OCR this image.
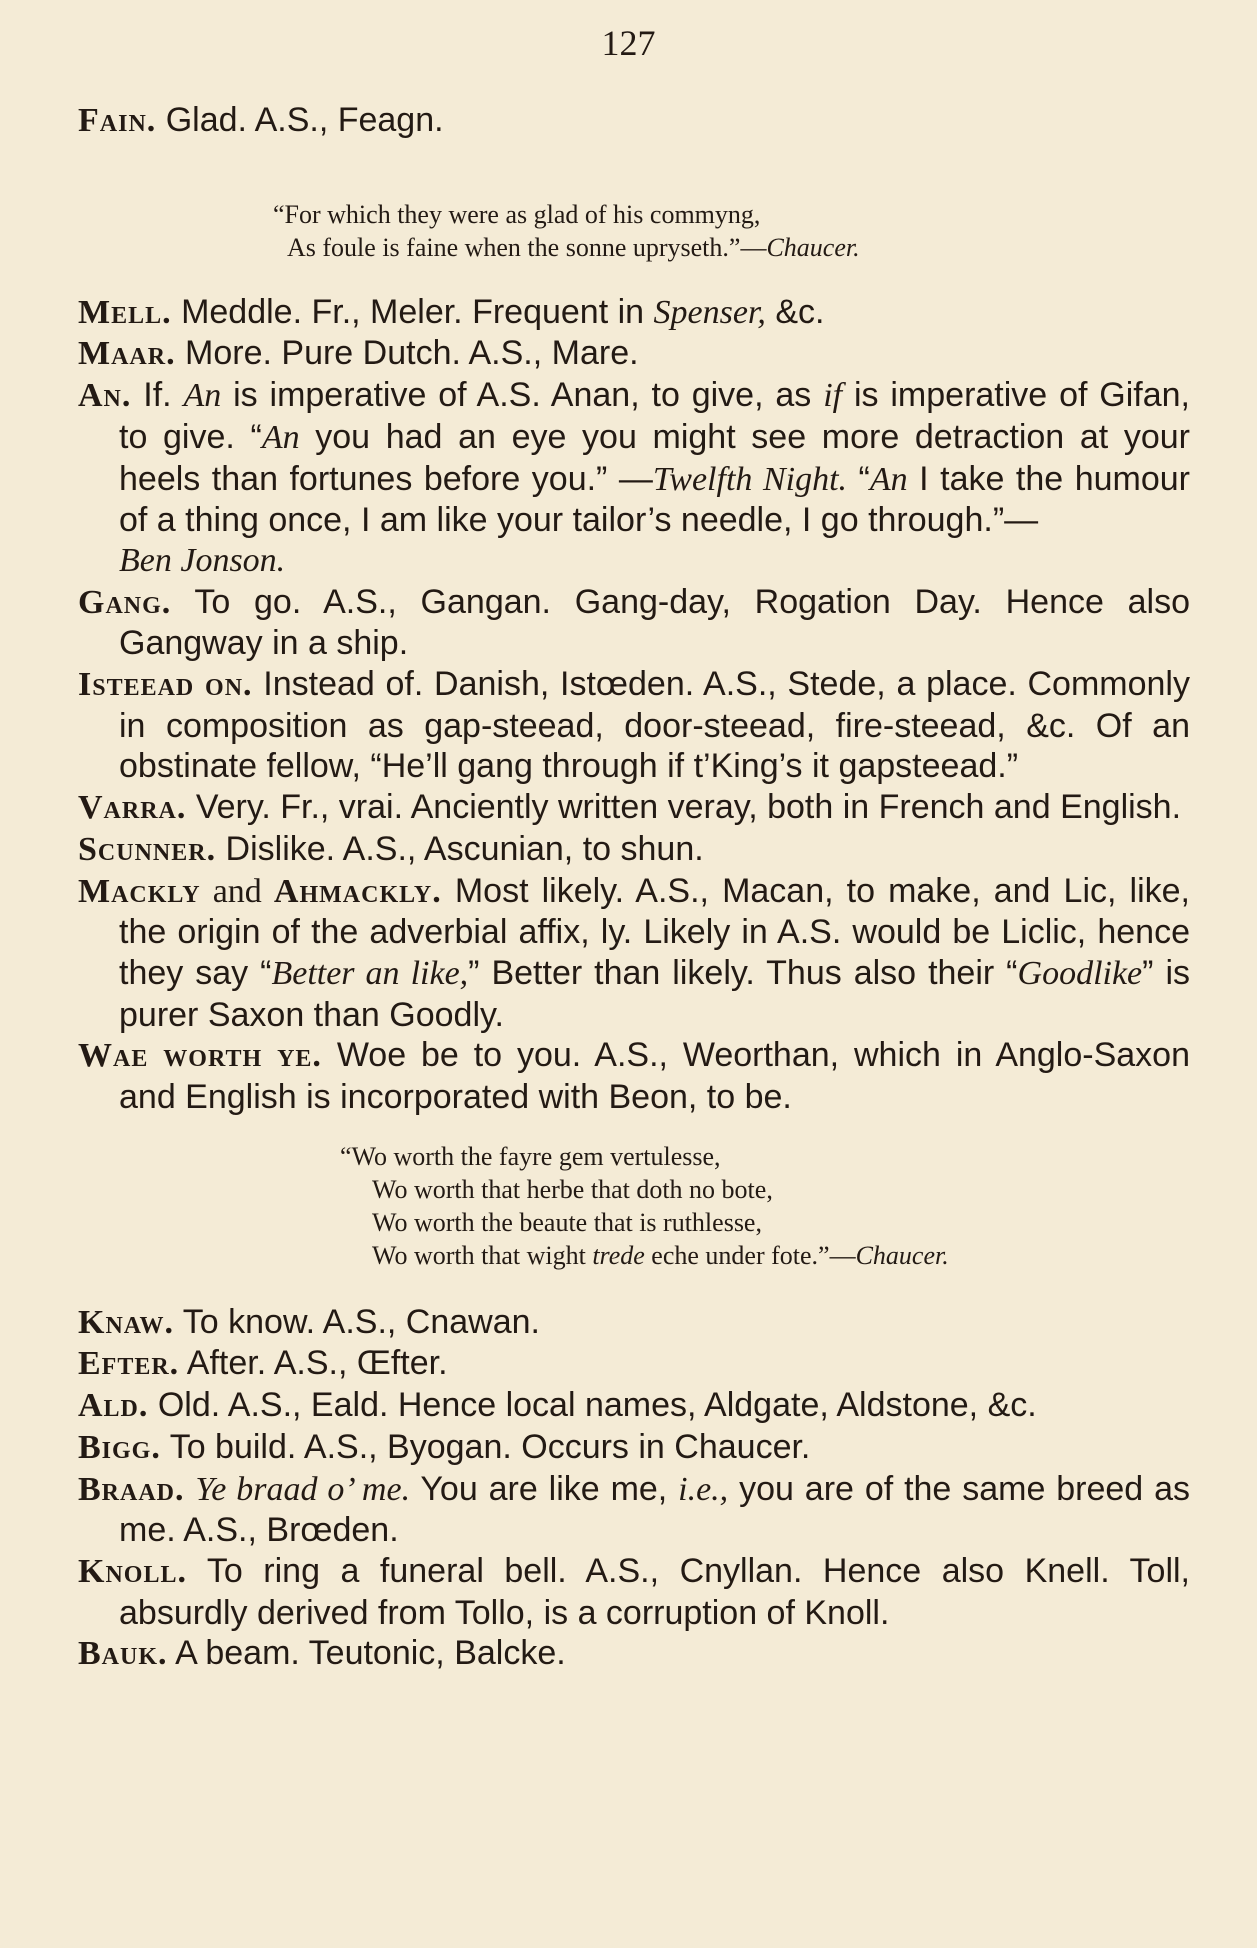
127
Fain. Glad. A.S., Feagn.
“For which they were as glad of his commyng,
As foule is faine when the sonne upryseth.”—Chaucer.
Mell. Meddle. Fr., Meler. Frequent in Spenser, &c.
Maar. More. Pure Dutch. A.S., Mare.
An. If. An is imperative of A.S. Anan, to give, as if is imperative of Gifan, to give. “An you had an eye you might see more detraction at your heels than fortunes before you.” —Twelfth Night. “An I take the humour of a thing once, I am like your tailor’s needle, I go through.”—
Ben Jonson.
Gang. To go. A.S., Gangan. Gang-day, Rogation Day. Hence also Gangway in a ship.
Isteead on. Instead of. Danish, Istœden. A.S., Stede, a place. Commonly in composition as gap-steead, door-steead, fire-steead, &c. Of an obstinate fellow, “He’ll gang through if t’King’s it gapsteead.”
Varra. Very. Fr., vrai. Anciently written veray, both in French and English.
Scunner. Dislike. A.S., Ascunian, to shun.
Mackly and Ahmackly. Most likely. A.S., Macan, to make, and Lic, like, the origin of the adverbial affix, ly. Likely in A.S. would be Liclic, hence they say “Better an like,” Better than likely. Thus also their “Goodlike” is purer Saxon than Goodly.
Wae worth ye. Woe be to you. A.S., Weorthan, which in Anglo-Saxon and English is incorporated with Beon, to be.
“Wo worth the fayre gem vertulesse,
Wo worth that herbe that doth no bote,
Wo worth the beaute that is ruthlesse,
Wo worth that wight trede eche under fote.”—Chaucer.
Knaw. To know. A.S., Cnawan.
Efter. After. A.S., Œfter.
Ald. Old. A.S., Eald. Hence local names, Aldgate, Aldstone, &c.
Bigg. To build. A.S., Byogan. Occurs in Chaucer.
Braad. Ye braad o’ me. You are like me, i.e., you are of the same breed as me. A.S., Brœden.
Knoll. To ring a funeral bell. A.S., Cnyllan. Hence also Knell. Toll, absurdly derived from Tollo, is a corruption of Knoll.
Bauk. A beam. Teutonic, Balcke.
